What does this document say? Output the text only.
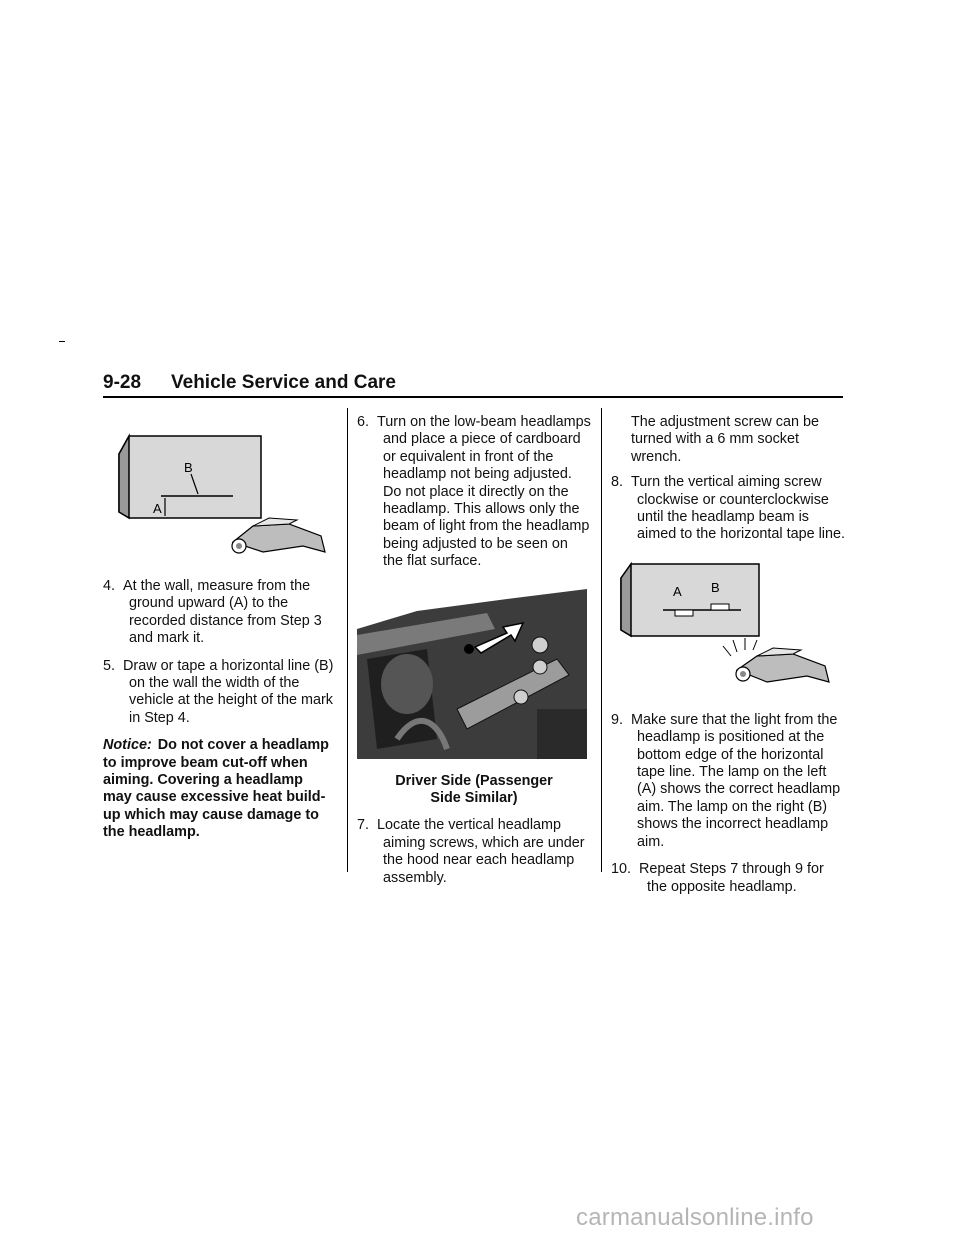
9-28 Vehicle Service and Care
B
A

4. At the wall, measure from the ground upward (A) to the recorded distance from Step 3 and mark it.

5. Draw or tape a horizontal line (B) on the wall the width of the vehicle at the height of the mark in Step 4.

Notice: Do not cover a headlamp to improve beam cut-off when aiming. Covering a headlamp may cause excessive heat build-up which may cause damage to the headlamp.

6. Turn on the low-beam headlamps and place a piece of cardboard or equivalent in front of the headlamp not being adjusted. Do not place it directly on the headlamp. This allows only the beam of light from the headlamp being adjusted to be seen on the flat surface.

Driver Side (Passenger Side Similar)

7. Locate the vertical headlamp aiming screws, which are under the hood near each headlamp assembly.

The adjustment screw can be turned with a 6 mm socket wrench.

8. Turn the vertical aiming screw clockwise or counterclockwise until the headlamp beam is aimed to the horizontal tape line.

A B

9. Make sure that the light from the headlamp is positioned at the bottom edge of the horizontal tape line. The lamp on the left (A) shows the correct headlamp aim. The lamp on the right (B) shows the incorrect headlamp aim.

10. Repeat Steps 7 through 9 for the opposite headlamp.

carmanualsonline.info
